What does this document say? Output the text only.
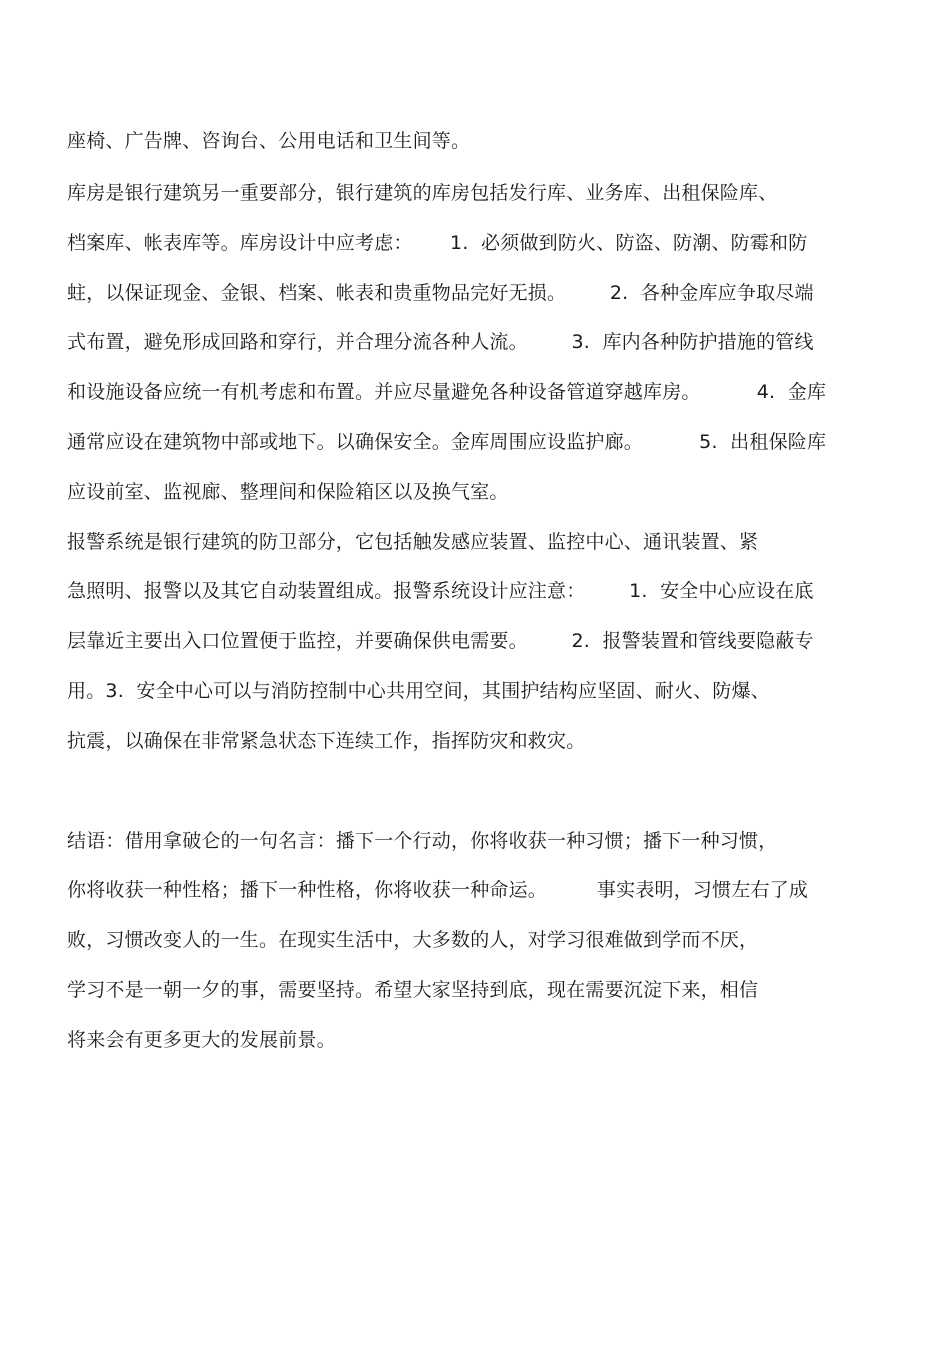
座椅、广告牌、咨询台、公用电话和卫生间等。
库房是银行建筑另一重要部分，银行建筑的库房包括发行库、业务库、出租保险库、
档案库、帐表库等。库房设计中应考虑：      1.  必须做到防火、防盗、防潮、防霉和防
蛀，以保证现金、金银、档案、帐表和贵重物品完好无损。       2.  各种金库应争取尽端
式布置，避免形成回路和穿行，并合理分流各种人流。       3.  库内各种防护措施的管线
和设施设备应统一有机考虑和布置。并应尽量避免各种设备管道穿越库房。         4.  金库
通常应设在建筑物中部或地下。以确保安全。金库周围应设监护廊。         5.  出租保险库
应设前室、监视廊、整理间和保险箱区以及换气室。
报警系统是银行建筑的防卫部分，它包括触发感应装置、监控中心、通讯装置、紧
急照明、报警以及其它自动装置组成。报警系统设计应注意：       1.  安全中心应设在底
层靠近主要出入口位置便于监控，并要确保供电需要。       2.  报警装置和管线要隐蔽专
用。3.  安全中心可以与消防控制中心共用空间，其围护结构应坚固、耐火、防爆、
抗震，以确保在非常紧急状态下连续工作，指挥防灾和救灾。
结语：借用拿破仑的一句名言：播下一个行动，你将收获一种习惯；播下一种习惯，
你将收获一种性格；播下一种性格，你将收获一种命运。        事实表明，习惯左右了成
败，习惯改变人的一生。在现实生活中，大多数的人，对学习很难做到学而不厌，
学习不是一朝一夕的事，需要坚持。希望大家坚持到底，现在需要沉淀下来，相信
将来会有更多更大的发展前景。
